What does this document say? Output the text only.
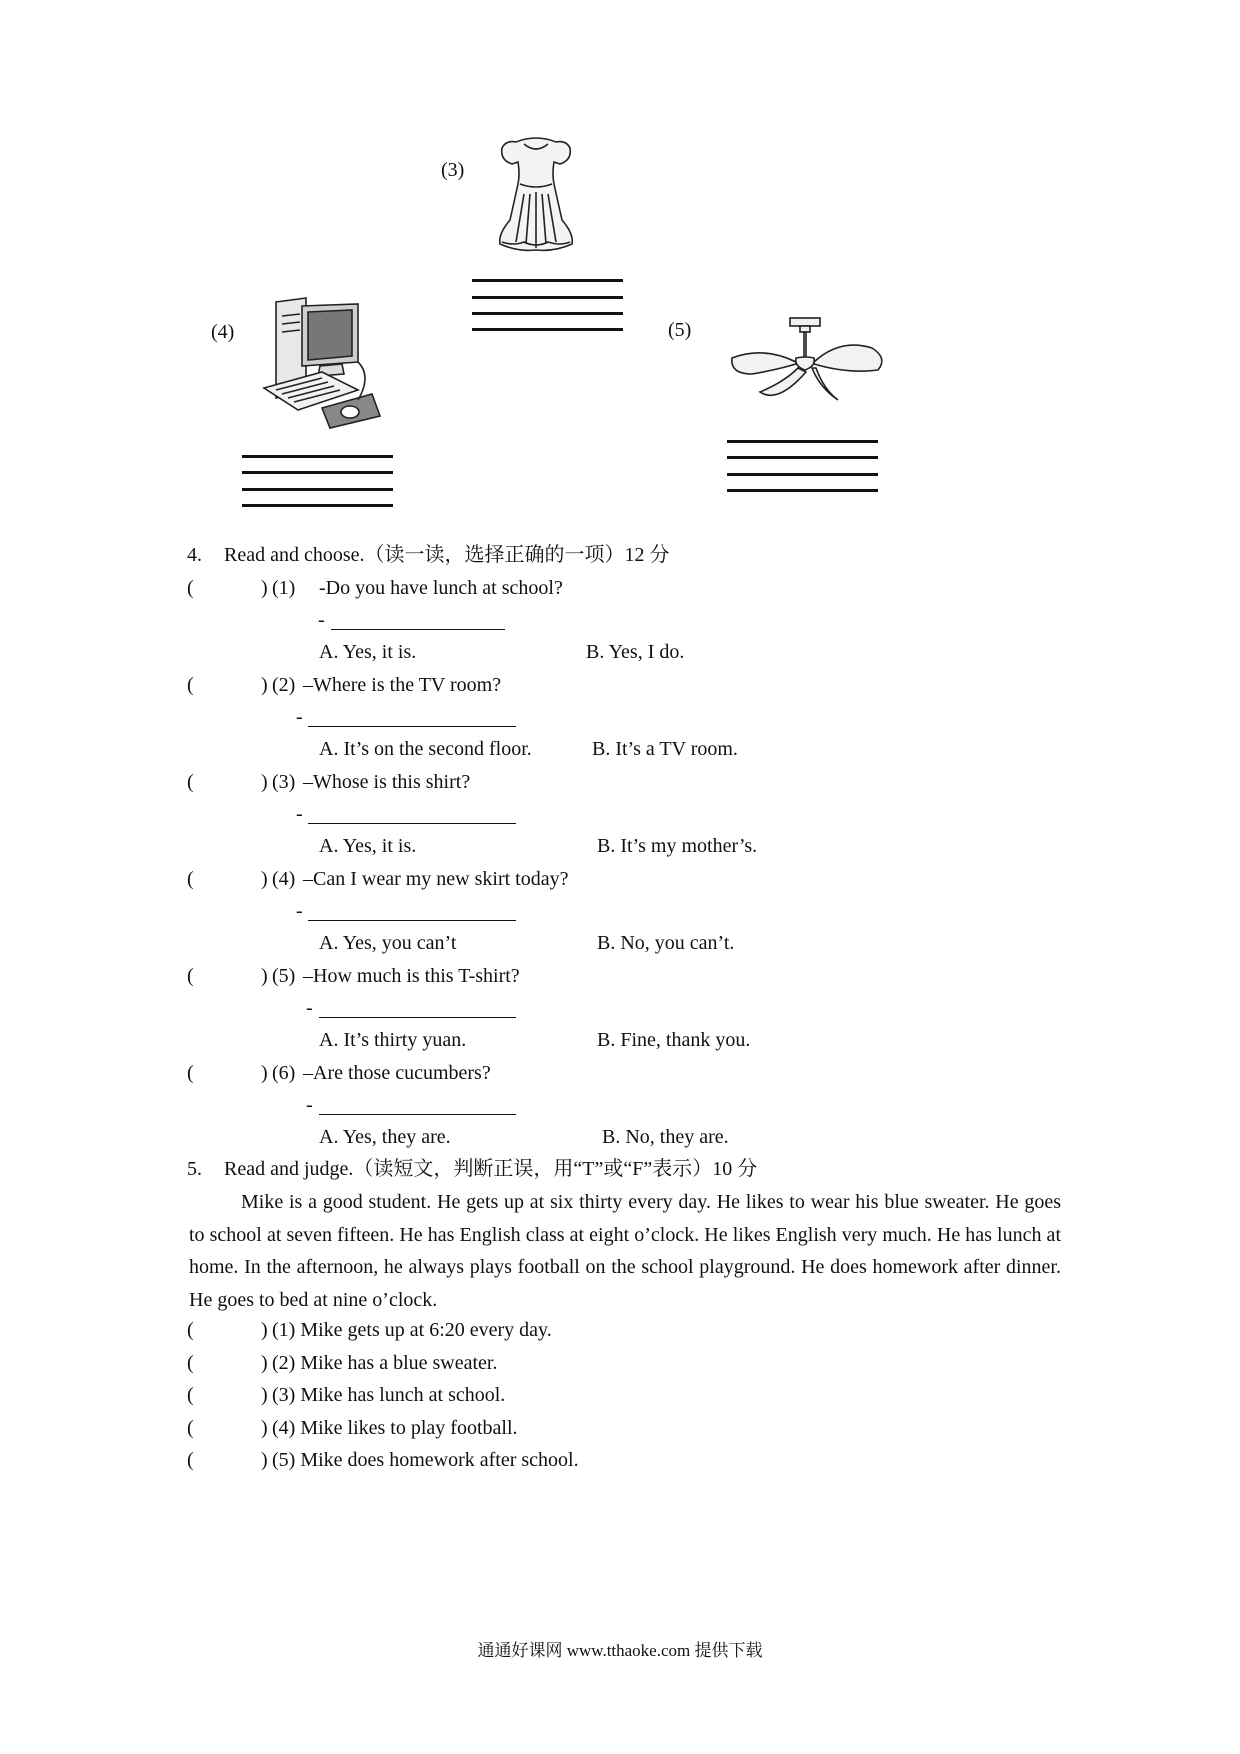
(3)
(4)	(5)
4. Read and choose.（读一读，选择正确的一项）12 分
(	) (1) -Do you have lunch at school?
-
A. Yes, it is.	B. Yes, I do.
(	) (2) –Where is the TV room?
-
A. It’s on the second floor.	B. It’s a TV room.
(	) (3) –Whose is this shirt?
-
A. Yes, it is.	B. It’s my mother’s.
(	) (4) –Can I wear my new skirt today?
-
A. Yes, you can’t	B. No, you can’t.
(	) (5) –How much is this T-shirt?
-
A. It’s thirty yuan.	B. Fine, thank you.
(	) (6) –Are those cucumbers?
-
A. Yes, they are.	B. No, they are.
5. Read and judge.（读短文，判断正误，用“T”或“F”表示）10 分

Mike is a good student. He gets up at six thirty every day. He likes to wear his blue sweater. He goes to school at seven fifteen. He has English class at eight o’clock. He likes English very much. He has lunch at home. In the afternoon, he always plays football on the school playground. He does homework after dinner. He goes to bed at nine o’clock.

(	) (1) Mike gets up at 6:20 every day.
(	) (2) Mike has a blue sweater.
(	) (3) Mike has lunch at school.
(	) (4) Mike likes to play football.
(	) (5) Mike does homework after school.
通通好课网 www.tthaoke.com 提供下载
